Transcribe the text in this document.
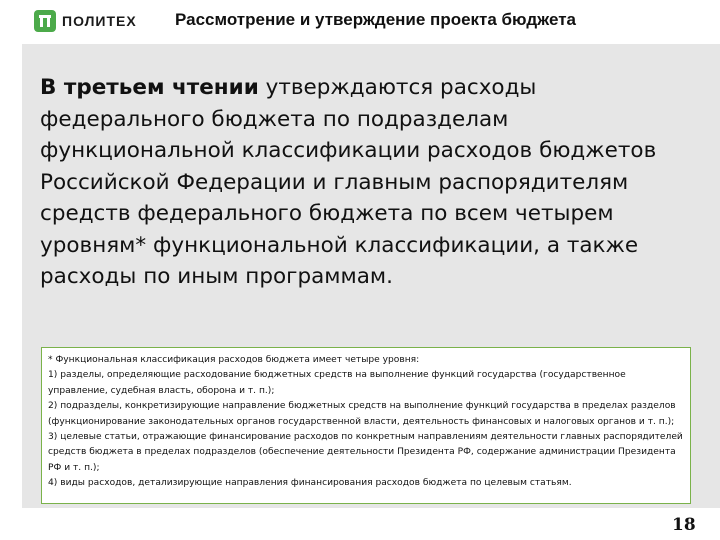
ПОЛИТЕХ Рассмотрение и утверждение проекта бюджета
В третьем чтении утверждаются расходы федерального бюджета по подразделам функциональной классификации расходов бюджетов Российской Федерации и главным распорядителям средств федерального бюджета по всем четырем уровням* функциональной классификации, а также расходы по иным программам.

* Функциональная классификация расходов бюджета имеет четыре уровня:

1) разделы, определяющие расходование бюджетных средств на выполнение функций государства (государственное управление, судебная власть, оборона и т. п.);

2) подразделы, конкретизирующие направление бюджетных средств на выполнение функций государства в пределах разделов (функционирование законодательных органов государственной власти, деятельность финансовых и налоговых органов и т. п.);

3) целевые статьи, отражающие финансирование расходов по конкретным направлениям деятельности главных распорядителей средств бюджета в пределах подразделов (обеспечение деятельности Президента РФ, содержание администрации Президента РФ и т. п.);

4) виды расходов, детализирующие направления финансирования расходов бюджета по целевым статьям.

18
